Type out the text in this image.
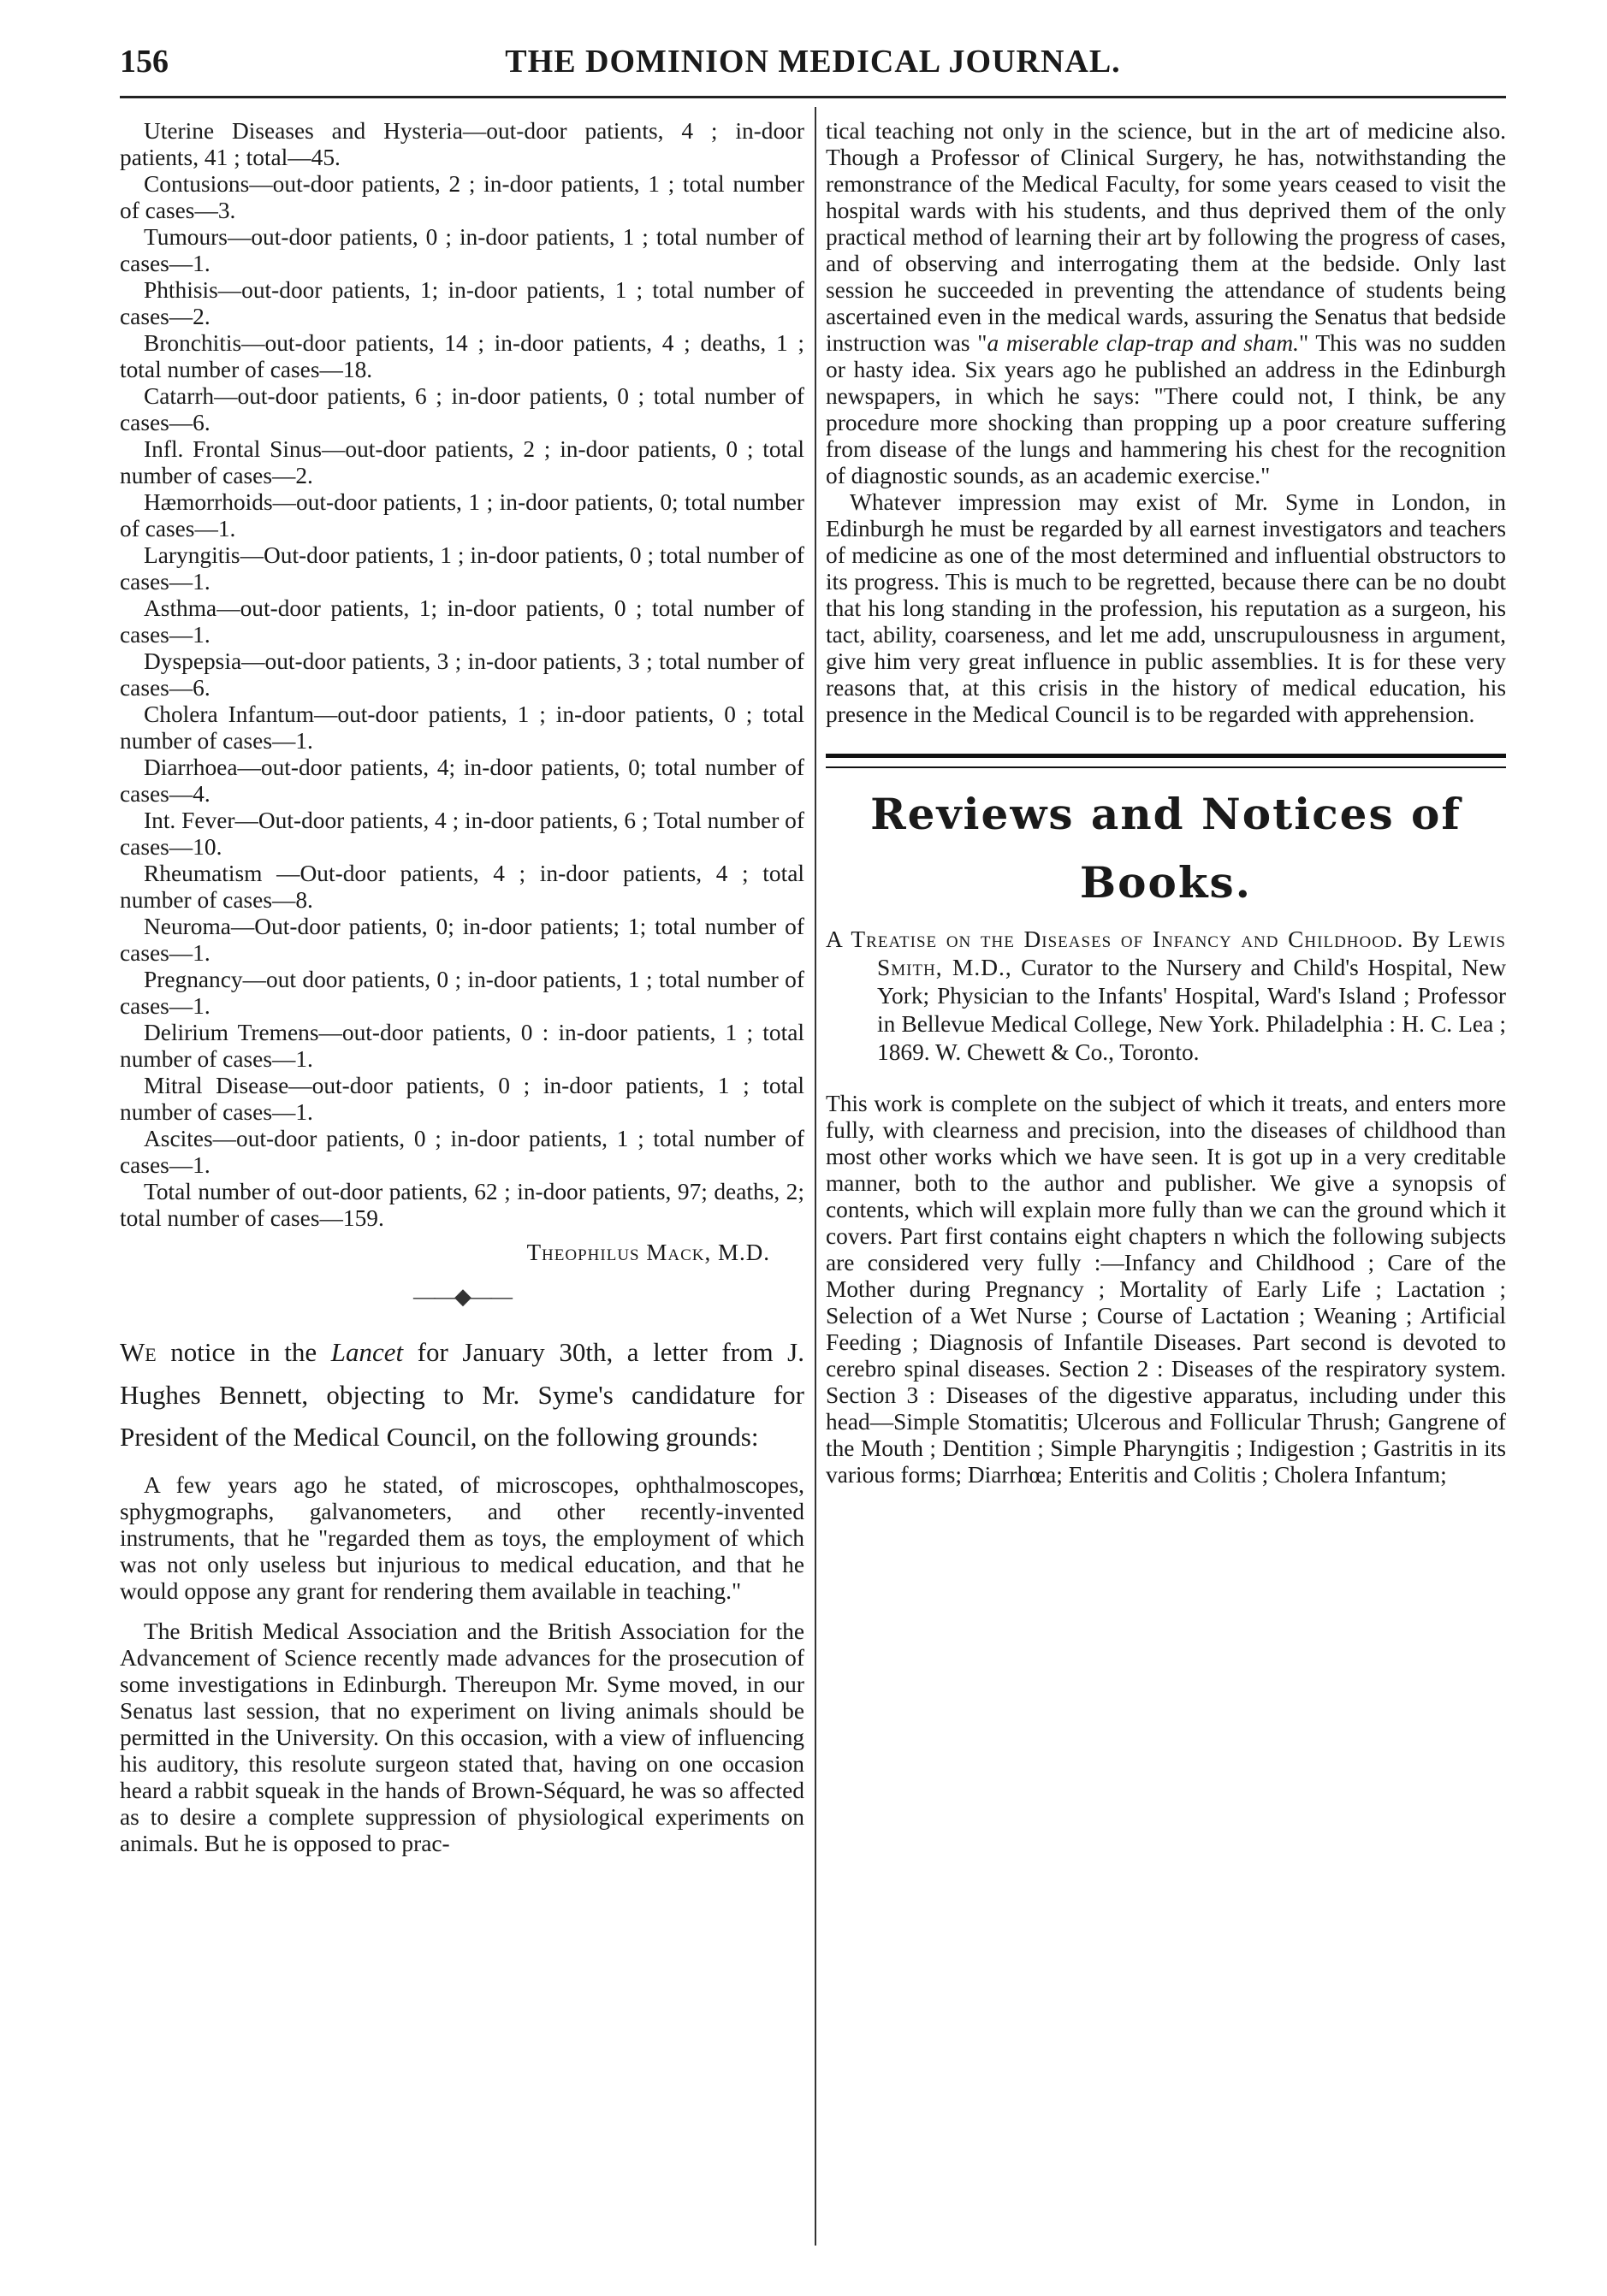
156	THE DOMINION MEDICAL JOURNAL.
Uterine Diseases and Hysteria—out-door patients, 4 ; in-door patients, 41 ; total—45.
Contusions—out-door patients, 2 ; in-door patients, 1 ; total number of cases—3.
Tumours—out-door patients, 0 ; in-door patients, 1 ; total number of cases—1.
Phthisis—out-door patients, 1; in-door patients, 1 ; total number of cases—2.
Bronchitis—out-door patients, 14 ; in-door patients, 4 ; deaths, 1 ; total number of cases—18.
Catarrh—out-door patients, 6 ; in-door patients, 0 ; total number of cases—6.
Infl. Frontal Sinus—out-door patients, 2 ; in-door patients, 0 ; total number of cases—2.
Hæmorrhoids—out-door patients, 1 ; in-door patients, 0; total number of cases—1.
Laryngitis—Out-door patients, 1 ; in-door patients, 0 ; total number of cases—1.
Asthma—out-door patients, 1; in-door patients, 0 ; total number of cases—1.
Dyspepsia—out-door patients, 3 ; in-door patients, 3 ; total number of cases—6.
Cholera Infantum—out-door patients, 1 ; in-door patients, 0 ; total number of cases—1.
Diarrhoea—out-door patients, 4; in-door patients, 0; total number of cases—4.
Int. Fever—Out-door patients, 4 ; in-door patients, 6 ; Total number of cases—10.
Rheumatism —Out-door patients, 4 ; in-door patients, 4 ; total number of cases—8.
Neuroma—Out-door patients, 0; in-door patients; 1; total number of cases—1.
Pregnancy—out door patients, 0 ; in-door patients, 1 ; total number of cases—1.
Delirium Tremens—out-door patients, 0 : in-door patients, 1 ; total number of cases—1.
Mitral Disease—out-door patients, 0 ; in-door patients, 1 ; total number of cases—1.
Ascites—out-door patients, 0 ; in-door patients, 1 ; total number of cases—1.
Total number of out-door patients, 62 ; in-door patients, 97; deaths, 2; total number of cases—159.
Theophilus Mack, M.D.
——◆——

We notice in the Lancet for January 30th, a letter from J. Hughes Bennett, objecting to Mr. Syme's candidature for President of the Medical Council, on the following grounds:

A few years ago he stated, of microscopes, ophthalmoscopes, sphygmographs, galvanometers, and other recently-invented instruments, that he "regarded them as toys, the employment of which was not only useless but injurious to medical education, and that he would oppose any grant for rendering them available in teaching."

The British Medical Association and the British Association for the Advancement of Science recently made advances for the prosecution of some investigations in Edinburgh. Thereupon Mr. Syme moved, in our Senatus last session, that no experiment on living animals should be permitted in the University. On this occasion, with a view of influencing his auditory, this resolute surgeon stated that, having on one occasion heard a rabbit squeak in the hands of Brown-Séquard, he was so affected as to desire a complete suppression of physiological experiments on animals. But he is opposed to prac-

tical teaching not only in the science, but in the art of medicine also. Though a Professor of Clinical Surgery, he has, notwithstanding the remonstrance of the Medical Faculty, for some years ceased to visit the hospital wards with his students, and thus deprived them of the only practical method of learning their art by following the progress of cases, and of observing and interrogating them at the bedside. Only last session he succeeded in preventing the attendance of students being ascertained even in the medical wards, assuring the Senatus that bedside instruction was "a miserable clap-trap and sham." This was no sudden or hasty idea. Six years ago he published an address in the Edinburgh newspapers, in which he says: "There could not, I think, be any procedure more shocking than propping up a poor creature suffering from disease of the lungs and hammering his chest for the recognition of diagnostic sounds, as an academic exercise."

Whatever impression may exist of Mr. Syme in London, in Edinburgh he must be regarded by all earnest investigators and teachers of medicine as one of the most determined and influential obstructors to its progress. This is much to be regretted, because there can be no doubt that his long standing in the profession, his reputation as a surgeon, his tact, ability, coarseness, and let me add, unscrupulousness in argument, give him very great influence in public assemblies. It is for these very reasons that, at this crisis in the history of medical education, his presence in the Medical Council is to be regarded with apprehension.

Reviews and Notices of Books.
A Treatise on the Diseases of Infancy and Childhood. By Lewis Smith, M.D., Curator to the Nursery and Child's Hospital, New York; Physician to the Infants' Hospital, Ward's Island ; Professor in Bellevue Medical College, New York. Philadelphia : H. C. Lea ; 1869. W. Chewett & Co., Toronto.

This work is complete on the subject of which it treats, and enters more fully, with clearness and precision, into the diseases of childhood than most other works which we have seen. It is got up in a very creditable manner, both to the author and publisher. We give a synopsis of contents, which will explain more fully than we can the ground which it covers. Part first contains eight chapters n which the following subjects are considered very fully :—Infancy and Childhood ; Care of the Mother during Pregnancy ; Mortality of Early Life ; Lactation ; Selection of a Wet Nurse ; Course of Lactation ; Weaning ; Artificial Feeding ; Diagnosis of Infantile Diseases. Part second is devoted to cerebro spinal diseases. Section 2 : Diseases of the respiratory system. Section 3 : Diseases of the digestive apparatus, including under this head—Simple Stomatitis; Ulcerous and Follicular Thrush; Gangrene of the Mouth ; Dentition ; Simple Pharyngitis ; Indigestion ; Gastritis in its various forms; Diarrhœa; Enteritis and Colitis ; Cholera Infantum;
